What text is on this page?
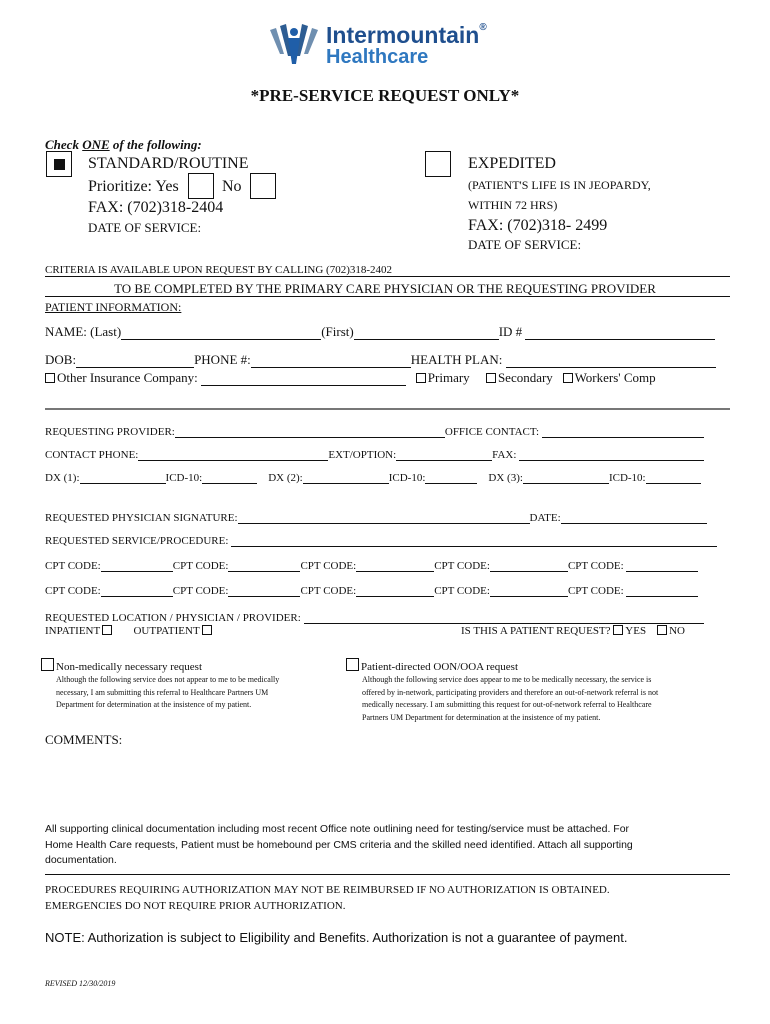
Intermountain®
Healthcare
*PRE-SERVICE REQUEST ONLY*
Check ONE of the following:
STANDARD/ROUTINE
Prioritize: Yes	No
FAX: (702)318-2404
DATE OF SERVICE:
EXPEDITED
(PATIENT'S LIFE IS IN JEOPARDY,
WITHIN 72 HRS)
FAX: (702)318- 2499
DATE OF SERVICE:
CRITERIA IS AVAILABLE UPON REQUEST BY CALLING (702)318-2402
TO BE COMPLETED BY THE PRIMARY CARE PHYSICIAN OR THE REQUESTING PROVIDER
PATIENT INFORMATION:
NAME: (Last)	(First)	ID #
DOB:	PHONE #:	HEALTH PLAN:
Other Insurance Company:	Primary Secondary Workers' Comp
REQUESTING PROVIDER:	OFFICE CONTACT:
CONTACT PHONE:	EXT/OPTION:	FAX:
DX (1):	ICD-10:	DX (2):	ICD-10:	DX (3):	ICD-10:
REQUESTED PHYSICIAN SIGNATURE:	DATE:
REQUESTED SERVICE/PROCEDURE:
CPT CODE:	CPT CODE:	CPT CODE:	CPT CODE:	CPT CODE:
CPT CODE:	CPT CODE:	CPT CODE:	CPT CODE:	CPT CODE:
REQUESTED LOCATION / PHYSICIAN / PROVIDER:
INPATIENT	OUTPATIENT	IS THIS A PATIENT REQUEST? YES NO
Non-medically necessary request
Although the following service does not appear to me to be medically
necessary, I am submitting this referral to Healthcare Partners UM
Department for determination at the insistence of my patient.
Patient-directed OON/OOA request
Although the following service does appear to me to be medically necessary, the service is
offered by in-network, participating providers and therefore an out-of-network referral is not
medically necessary. I am submitting this request for out-of-network referral to Healthcare
Partners UM Department for determination at the insistence of my patient.
COMMENTS:
All supporting clinical documentation including most recent Office note outlining need for testing/service must be attached. For
Home Health Care requests, Patient must be homebound per CMS criteria and the skilled need identified. Attach all supporting
documentation.
PROCEDURES REQUIRING AUTHORIZATION MAY NOT BE REIMBURSED IF NO AUTHORIZATION IS OBTAINED.
EMERGENCIES DO NOT REQUIRE PRIOR AUTHORIZATION.
NOTE: Authorization is subject to Eligibility and Benefits. Authorization is not a guarantee of payment.
REVISED 12/30/2019
